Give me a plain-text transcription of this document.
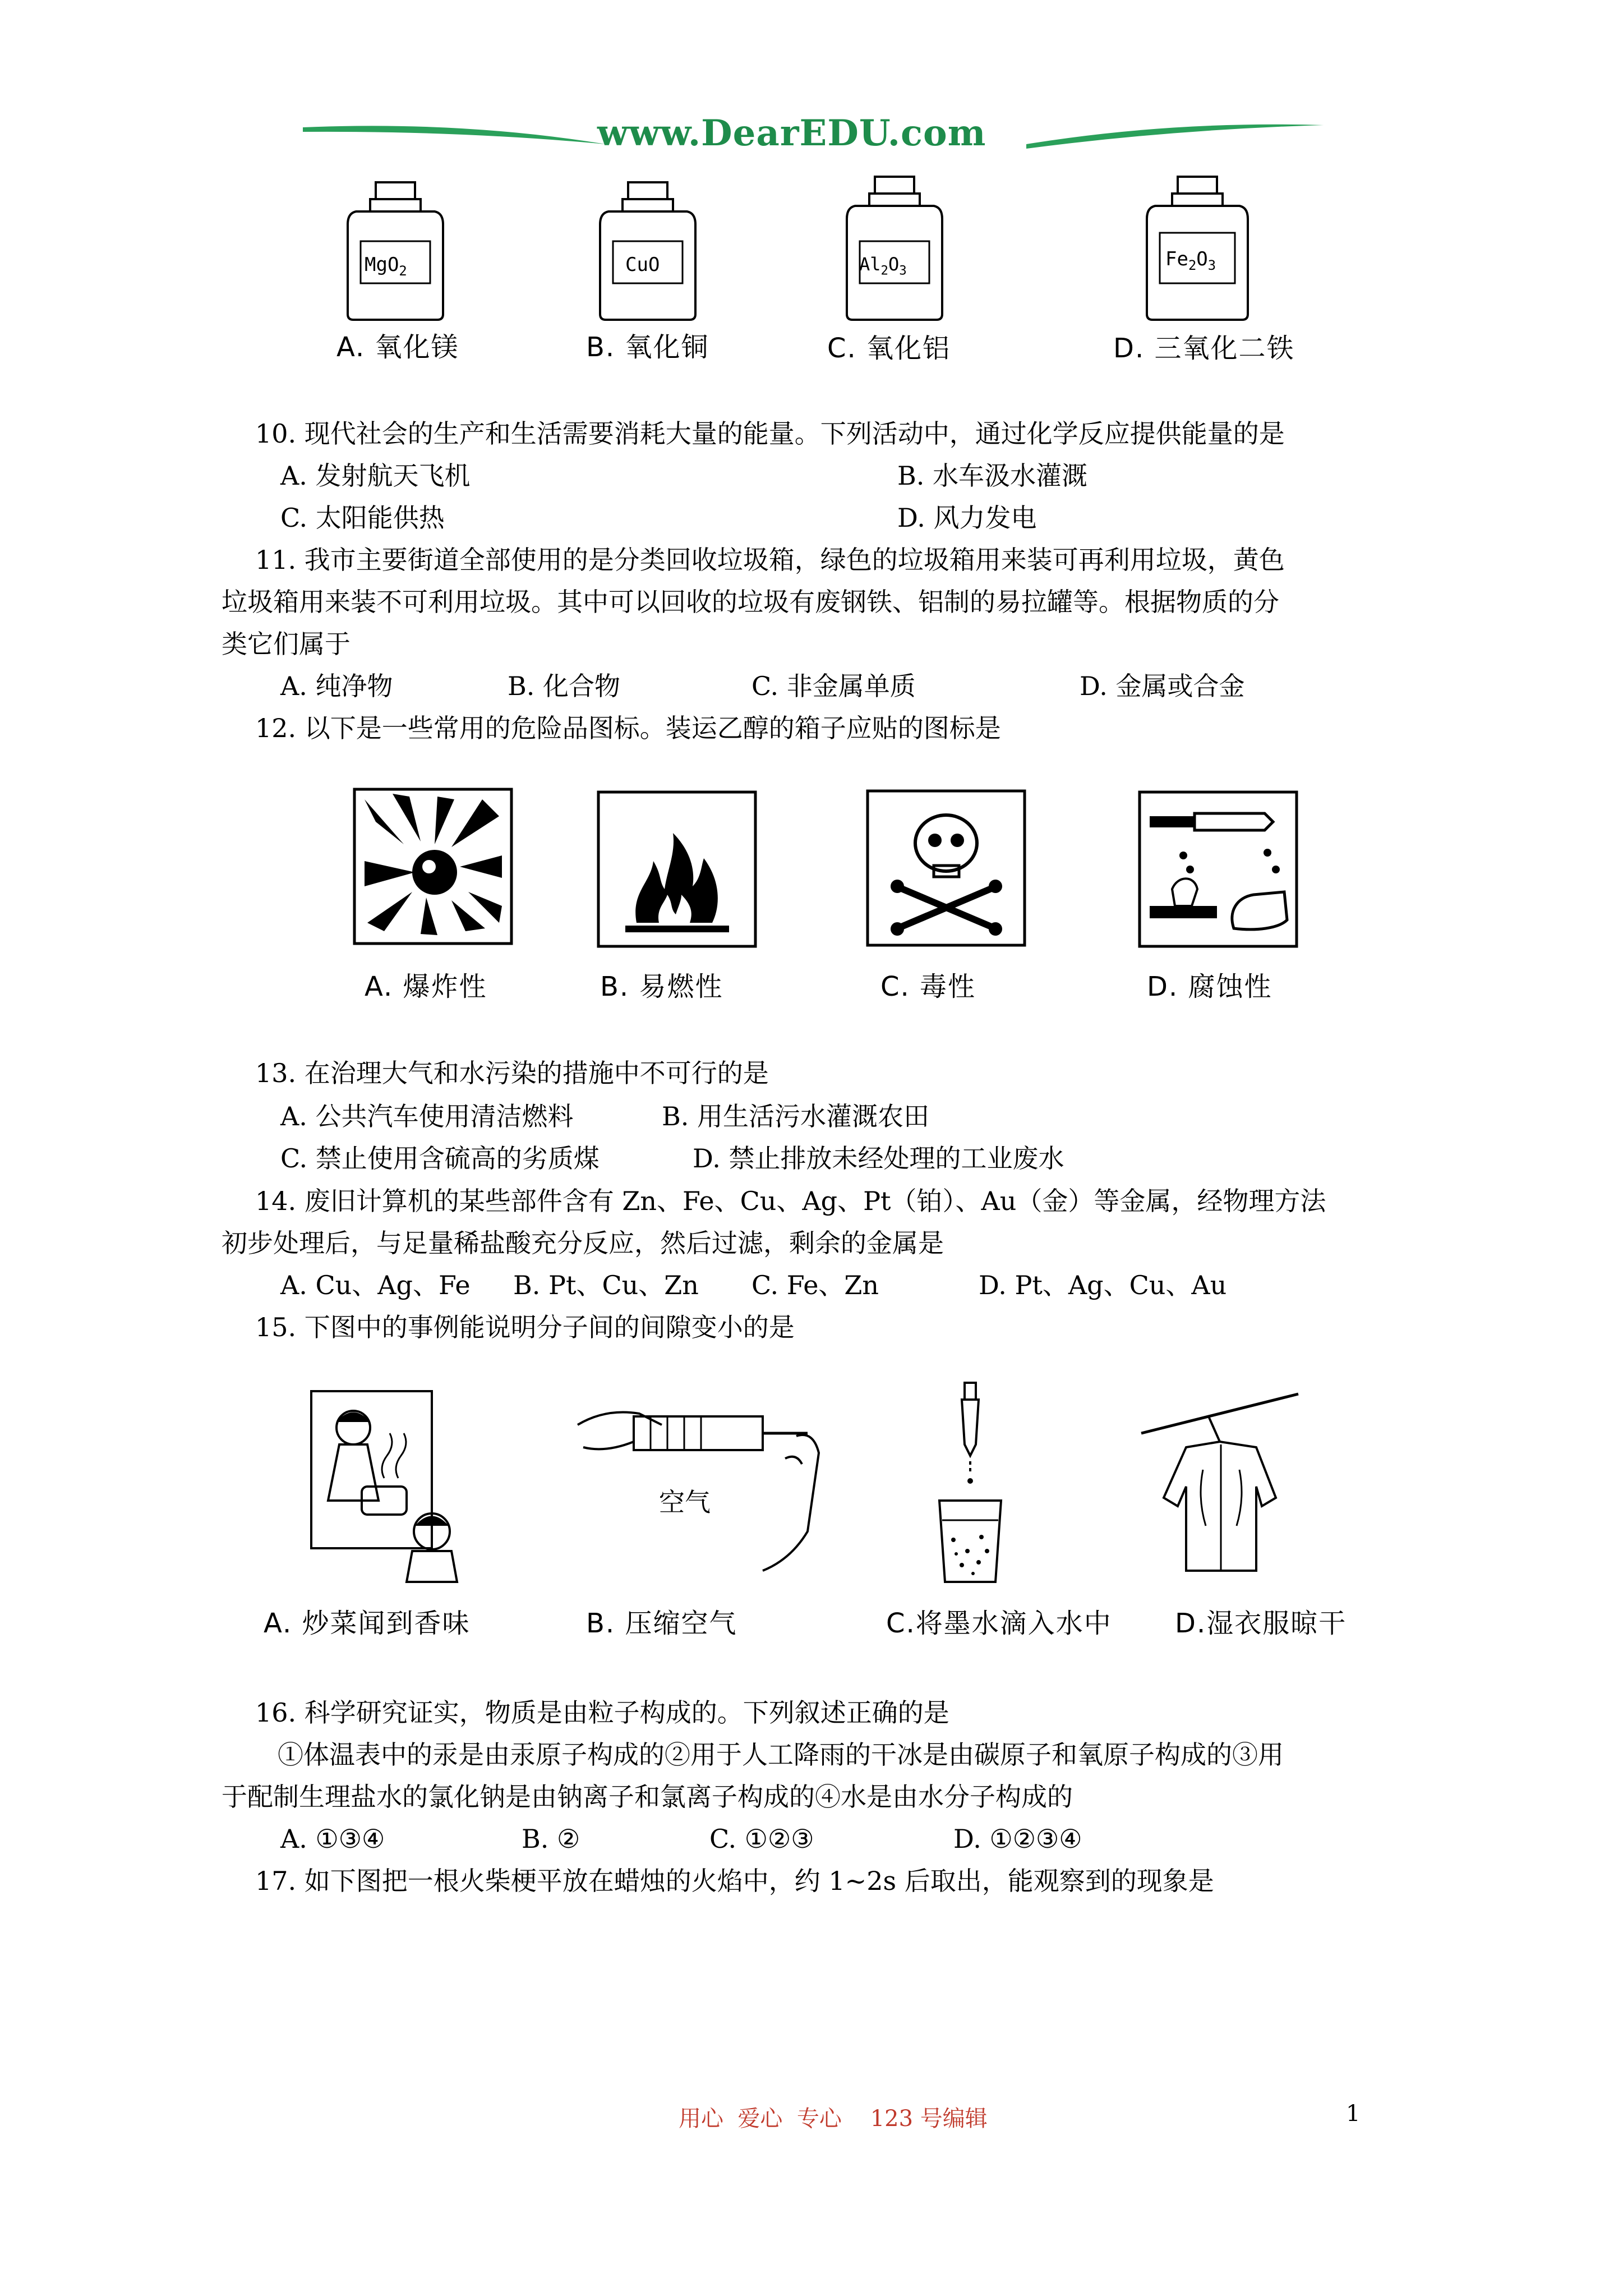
www.DearEDU.com
MgO$_2$	CuO	$Al_2O_3$
$Fe_2O_3$
A. 氧化镁	B. 氧化铜	C. 氧化铝	D. 三氧化二铁
10. 现代社会的生产和生活需要消耗大量的能量。下列活动中，通过化学反应提供能量的是
A. 发射航天飞机	B. 水车汲水灌溉
C. 太阳能供热	D. 风力发电
11. 我市主要街道全部使用的是分类回收垃圾箱，绿色的垃圾箱用来装可再利用垃圾，黄色
垃圾箱用来装不可利用垃圾。其中可以回收的垃圾有废钢铁、铝制的易拉罐等。根据物质的分
类它们属于
A. 纯净物	B. 化合物	C. 非金属单质	D. 金属或合金
12. 以下是一些常用的危险品图标。装运乙醇的箱子应贴的图标是
A. 爆炸性	B. 易燃性	C. 毒性	D. 腐蚀性
13. 在治理大气和水污染的措施中不可行的是
A. 公共汽车使用清洁燃料	B. 用生活污水灌溉农田
C. 禁止使用含硫高的劣质煤	D. 禁止排放未经处理的工业废水
14. 废旧计算机的某些部件含有 Zn、Fe、Cu、Ag、Pt（铂）、Au（金）等金属，经物理方法
初步处理后，与足量稀盐酸充分反应，然后过滤，剩余的金属是
A. Cu、Ag、Fe B. Pt、Cu、Zn C. Fe、Zn	D. Pt、Ag、Cu、Au
15. 下图中的事例能说明分子间的间隙变小的是
空气
A. 炒菜闻到香味	B. 压缩空气	C.将墨水滴入水中 D.湿衣服晾干
16. 科学研究证实，物质是由粒子构成的。下列叙述正确的是
①体温表中的汞是由汞原子构成的②用于人工降雨的干冰是由碳原子和氧原子构成的③用
于配制生理盐水的氯化钠是由钠离子和氯离子构成的④水是由水分子构成的
A. ①③④	B. ②	C. ①②③	D. ①②③④
17. 如下图把一根火柴梗平放在蜡烛的火焰中，约 1~2s 后取出，能观察到的现象是
用心  爱心  专心    123 号编辑	1
